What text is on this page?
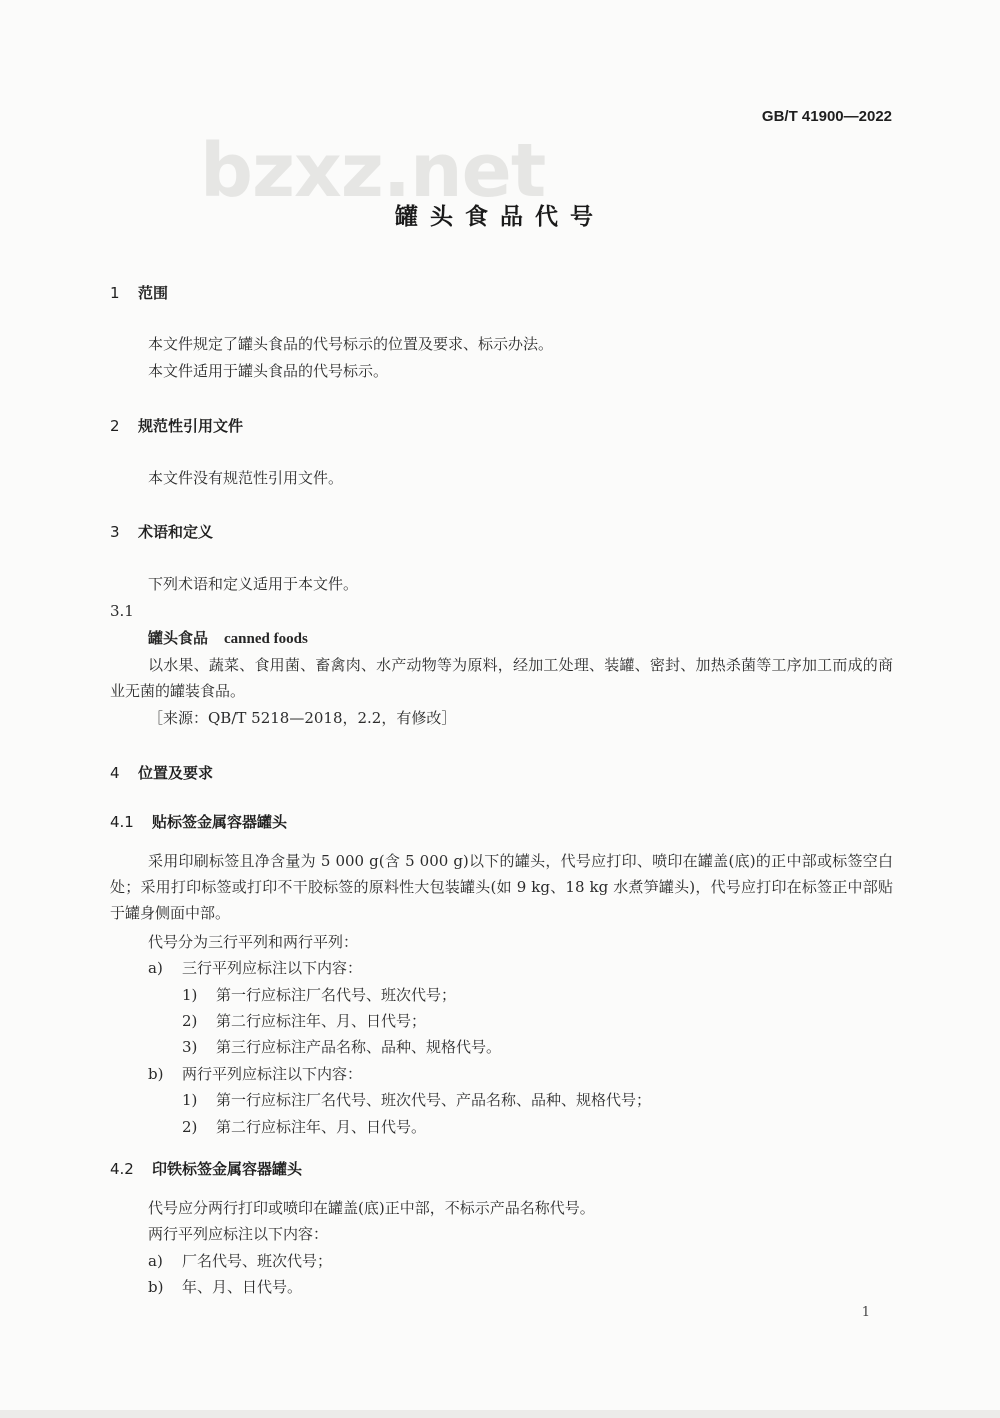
GB/T 41900—2022
bzxz.net
罐头食品代号
1 范围
本文件规定了罐头食品的代号标示的位置及要求、标示办法。
本文件适用于罐头食品的代号标示。
2 规范性引用文件
本文件没有规范性引用文件。
3 术语和定义
下列术语和定义适用于本文件。
3.1
罐头食品 canned foods
以水果、蔬菜、食用菌、畜禽肉、水产动物等为原料，经加工处理、装罐、密封、加热杀菌等工序加工而成的商业无菌的罐装食品。
［来源：QB/T 5218—2018，2.2，有修改］
4 位置及要求
4.1 贴标签金属容器罐头
采用印刷标签且净含量为 5 000 g(含 5 000 g)以下的罐头，代号应打印、喷印在罐盖(底)的正中部或标签空白处；采用打印标签或打印不干胶标签的原料性大包装罐头(如 9 kg、18 kg 水煮笋罐头)，代号应打印在标签正中部贴于罐身侧面中部。
代号分为三行平列和两行平列：
a) 三行平列应标注以下内容：
1) 第一行应标注厂名代号、班次代号；
2) 第二行应标注年、月、日代号；
3) 第三行应标注产品名称、品种、规格代号。
b) 两行平列应标注以下内容：
1) 第一行应标注厂名代号、班次代号、产品名称、品种、规格代号；
2) 第二行应标注年、月、日代号。
4.2 印铁标签金属容器罐头
代号应分两行打印或喷印在罐盖(底)正中部，不标示产品名称代号。
两行平列应标注以下内容：
a) 厂名代号、班次代号；
b) 年、月、日代号。
1
